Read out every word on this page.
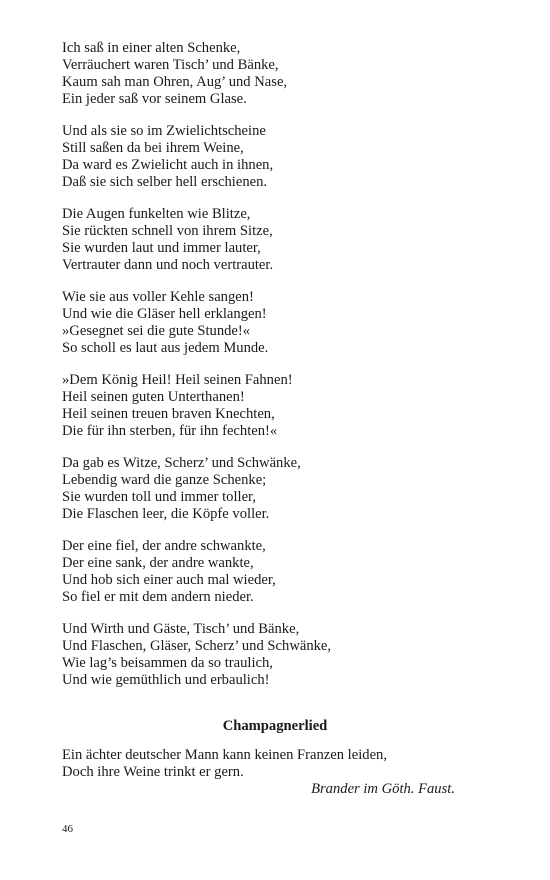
Ich saß in einer alten Schenke,
Verräuchert waren Tisch’ und Bänke,
Kaum sah man Ohren, Aug’ und Nase,
Ein jeder saß vor seinem Glase.
Und als sie so im Zwielichtscheine
Still saßen da bei ihrem Weine,
Da ward es Zwielicht auch in ihnen,
Daß sie sich selber hell erschienen.
Die Augen funkelten wie Blitze,
Sie rückten schnell von ihrem Sitze,
Sie wurden laut und immer lauter,
Vertrauter dann und noch vertrauter.
Wie sie aus voller Kehle sangen!
Und wie die Gläser hell erklangen!
»Gesegnet sei die gute Stunde!«
So scholl es laut aus jedem Munde.
»Dem König Heil! Heil seinen Fahnen!
Heil seinen guten Unterthanen!
Heil seinen treuen braven Knechten,
Die für ihn sterben, für ihn fechten!«
Da gab es Witze, Scherz’ und Schwänke,
Lebendig ward die ganze Schenke;
Sie wurden toll und immer toller,
Die Flaschen leer, die Köpfe voller.
Der eine fiel, der andre schwankte,
Der eine sank, der andre wankte,
Und hob sich einer auch mal wieder,
So fiel er mit dem andern nieder.
Und Wirth und Gäste, Tisch’ und Bänke,
Und Flaschen, Gläser, Scherz’ und Schwänke,
Wie lag’s beisammen da so traulich,
Und wie gemüthlich und erbaulich!
Champagnerlied
Ein ächter deutscher Mann kann keinen Franzen leiden,
Doch ihre Weine trinkt er gern.
Brander im Göth. Faust.
46
